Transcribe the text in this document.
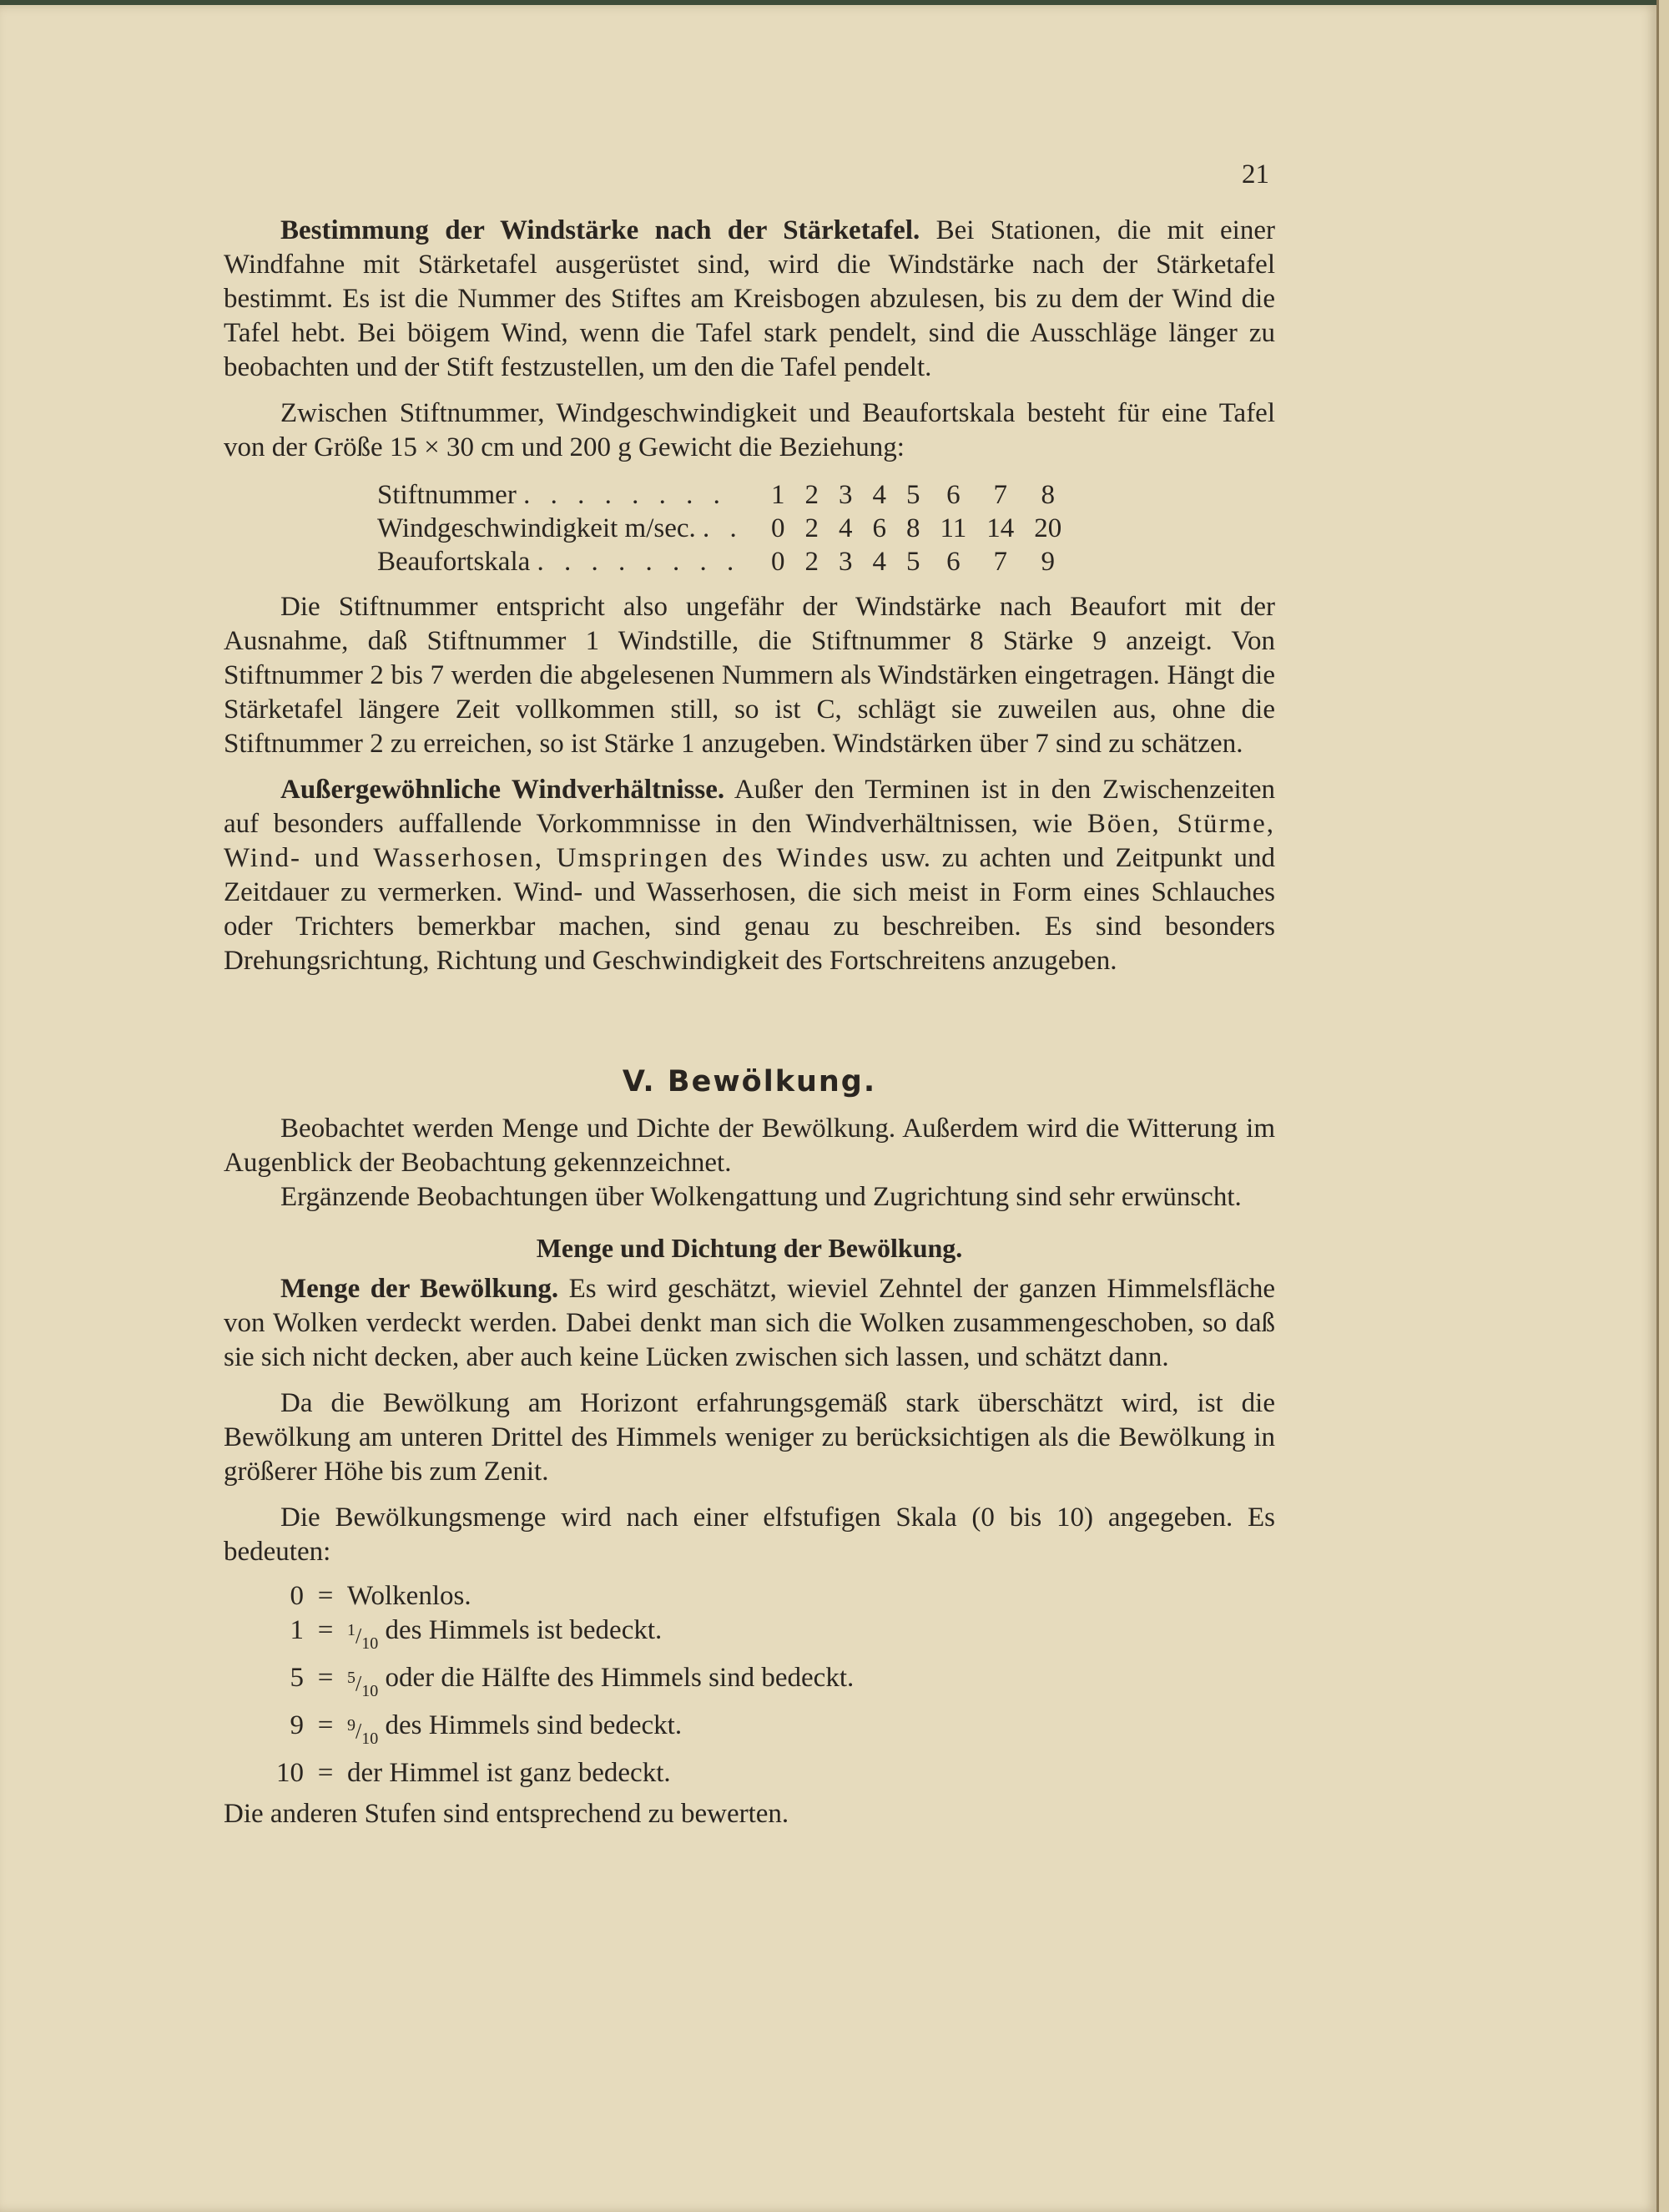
21

Bestimmung der Windstärke nach der Stärketafel. Bei Stationen, die mit einer Windfahne mit Stärketafel ausgerüstet sind, wird die Windstärke nach der Stärketafel bestimmt. Es ist die Nummer des Stiftes am Kreisbogen abzulesen, bis zu dem der Wind die Tafel hebt. Bei böigem Wind, wenn die Tafel stark pendelt, sind die Ausschläge länger zu beobachten und der Stift festzustellen, um den die Tafel pendelt.

Zwischen Stiftnummer, Windgeschwindigkeit und Beaufortskala besteht für eine Tafel von der Größe 15 × 30 cm und 200 g Gewicht die Beziehung:

Stiftnummer . . . . . . . .	1	2	3	4	5	6	7	8
Windgeschwindigkeit m/sec. . .	0	2	4	6	8	11	14	20
Beaufortskala . . . . . . . .	0	2	3	4	5	6	7	9

Die Stiftnummer entspricht also ungefähr der Windstärke nach Beaufort mit der Ausnahme, daß Stiftnummer 1 Windstille, die Stiftnummer 8 Stärke 9 anzeigt. Von Stiftnummer 2 bis 7 werden die abgelesenen Nummern als Windstärken eingetragen. Hängt die Stärketafel längere Zeit vollkommen still, so ist C, schlägt sie zuweilen aus, ohne die Stiftnummer 2 zu erreichen, so ist Stärke 1 anzugeben. Windstärken über 7 sind zu schätzen.

Außergewöhnliche Windverhältnisse. Außer den Terminen ist in den Zwischenzeiten auf besonders auffallende Vorkommnisse in den Windverhältnissen, wie Böen, Stürme, Wind- und Wasserhosen, Umspringen des Windes usw. zu achten und Zeitpunkt und Zeitdauer zu vermerken. Wind- und Wasserhosen, die sich meist in Form eines Schlauches oder Trichters bemerkbar machen, sind genau zu beschreiben. Es sind besonders Drehungsrichtung, Richtung und Geschwindigkeit des Fortschreitens anzugeben.

V. Bewölkung.

Beobachtet werden Menge und Dichte der Bewölkung. Außerdem wird die Witterung im Augenblick der Beobachtung gekennzeichnet.

Ergänzende Beobachtungen über Wolkengattung und Zugrichtung sind sehr erwünscht.

Menge und Dichtung der Bewölkung.

Menge der Bewölkung. Es wird geschätzt, wieviel Zehntel der ganzen Himmelsfläche von Wolken verdeckt werden. Dabei denkt man sich die Wolken zusammengeschoben, so daß sie sich nicht decken, aber auch keine Lücken zwischen sich lassen, und schätzt dann.

Da die Bewölkung am Horizont erfahrungsgemäß stark überschätzt wird, ist die Bewölkung am unteren Drittel des Himmels weniger zu berücksichtigen als die Bewölkung in größerer Höhe bis zum Zenit.

Die Bewölkungsmenge wird nach einer elfstufigen Skala (0 bis 10) angegeben. Es bedeuten:

0 = Wolkenlos.
$1 = ^1/_{10}$
des Himmels ist bedeckt.
$5 = ^5/_{10}$
oder die Hälfte des Himmels sind bedeckt.
$9 = ^9/_{10}$
des Himmels sind bedeckt.
10 = der Himmel ist ganz bedeckt.

Die anderen Stufen sind entsprechend zu bewerten.
